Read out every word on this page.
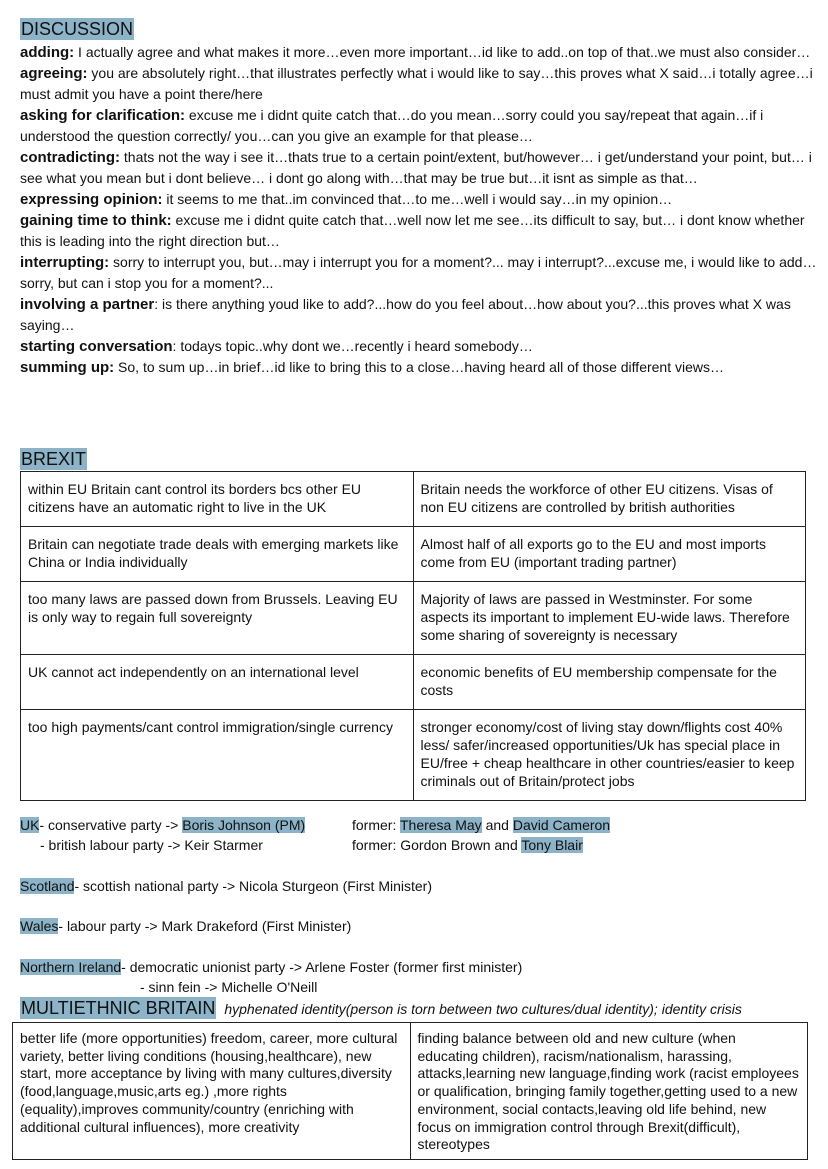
DISCUSSION

adding: I actually agree and what makes it more…even more important…id like to add..on top of that..we must also consider…

agreeing: you are absolutely right…that illustrates perfectly what i would like to say…this proves what X said…i totally agree…i must admit you have a point there/here

asking for clarification: excuse me i didnt quite catch that…do you mean…sorry could you say/repeat that again…if i understood the question correctly/ you…can you give an example for that please…

contradicting: thats not the way i see it…thats true to a certain point/extent, but/however… i get/understand your point, but… i see what you mean but i dont believe… i dont go along with…that may be true but…it isnt as simple as that…

expressing opinion: it seems to me that..im convinced that…to me…well i would say…in my opinion…

gaining time to think: excuse me i didnt quite catch that…well now let me see…its difficult to say, but… i dont know whether this is leading into the right direction but…

interrupting: sorry to interrupt you, but…may i interrupt you for a moment?... may i interrupt?...excuse me, i would like to add…sorry, but can i stop you for a moment?...

involving a partner: is there anything youd like to add?...how do you feel about…how about you?...this proves what X was saying…

starting conversation: todays topic..why dont we…recently i heard somebody…

summing up: So, to sum up…in brief…id like to bring this to a close…having heard all of those different views…

BREXIT
within EU Britain cant control its borders bcs other EU citizens have an automatic right to live in the UK	Britain needs the workforce of other EU citizens. Visas of non EU citizens are controlled by british authorities
Britain can negotiate trade deals with emerging markets like China or India individually	Almost half of all exports go to the EU and most imports come from EU (important trading partner)
too many laws are passed down from Brussels. Leaving EU is only way to regain full sovereignty	Majority of laws are passed in Westminster. For some aspects its important to implement EU-wide laws. Therefore some sharing of sovereignty is necessary
UK cannot act independently on an international level	economic benefits of EU membership compensate for the costs
too high payments/cant control immigration/single currency	stronger economy/cost of living stay down/flights cost 40% less/ safer/increased opportunities/Uk has special place in EU/free + cheap healthcare in other countries/easier to keep criminals out of Britain/protect jobs
UK- conservative party -> Boris Johnson (PM)	former: Theresa May and David Cameron
- british labour party -> Keir Starmer	former: Gordon Brown and Tony Blair
Scotland- scottish national party -> Nicola Sturgeon (First Minister)
Wales- labour party -> Mark Drakeford (First Minister)
Northern Ireland- democratic unionist party -> Arlene Foster (former first minister)
- sinn fein -> Michelle O'Neill
MULTIETHNIC BRITAIN hyphenated identity(person is torn between two cultures/dual identity); identity crisis
better life (more opportunities) freedom, career, more cultural variety, better living conditions (housing,healthcare), new start, more acceptance by living with many cultures,diversity (food,language,music,arts eg.) ,more rights (equality),improves community/country (enriching with additional cultural influences), more creativity	finding balance between old and new culture (when educating children), racism/nationalism, harassing, attacks,learning new language,finding work (racist employees or qualification, bringing family together,getting used to a new environment, social contacts,leaving old life behind, new focus on immigration control through Brexit(difficult), stereotypes
